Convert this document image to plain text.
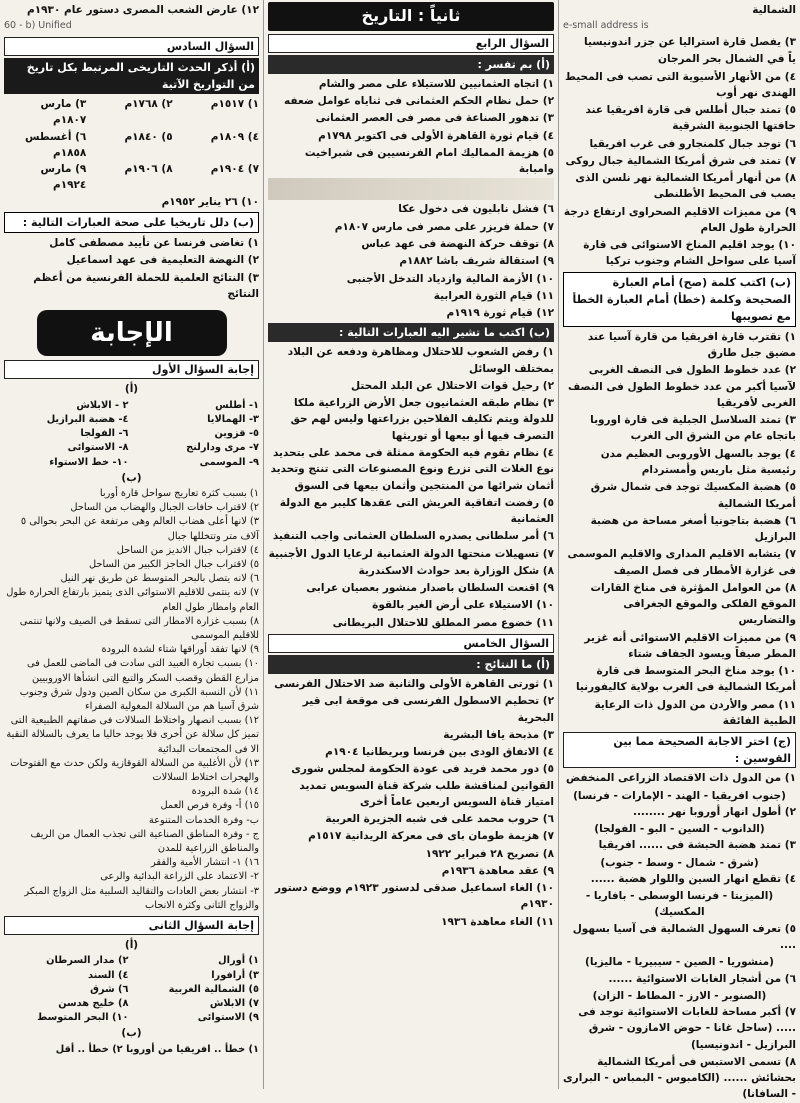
الشمالية
e-small address is
٣) يفصل قارة استراليا عن جزر اندونيسيا
ياً في الشمال بحر المرجان
٤) من الأنهار الأسيوية التى تصب فى المحيط الهندى نهر أوب
٥) تمتد جبال أطلس فى قارة افريقيا عند حافتها الجنوبية الشرقية
٦) توجد جبال كلمنجارو فى غرب افريقيا
٧) تمتد فى شرق أمريكا الشمالية جبال روكى
٨) من أنهار أمريكا الشمالية نهر نلسن الذى يصب فى المحيط الأطلنطى
٩) من مميزات الاقليم الصحراوى ارتفاع درجة الحرارة طول العام
١٠) يوجد اقليم المناخ الاستوائى فى قارة آسيا على سواحل الشام وجنوب تركيا
(ب) اكتب كلمة (صح) أمام العبارة الصحيحة وكلمة (خطأ) أمام العبارة الخطأ مع تصويبها
١) تقترب قارة افريقيا من قارة آسيا عند مضيق جبل طارق
٢) عدد خطوط الطول فى النصف الغربى لآسيا أكبر من عدد خطوط الطول فى النصف الغربى لأفريقيا
٣) تمتد السلاسل الجبلية فى قارة اوروبا باتجاه عام من الشرق الى الغرب
٤) يوجد بالسهل الأوروبى العظيم مدن رئيسية مثل باريس وأمستردام
٥) هضبة المكسيك توجد فى شمال شرق أمريكا الشمالية
٦) هضبة بتاجونيا أصغر مساحة من هضبة البرازيل
٧) يتشابه الاقليم المدارى والاقليم الموسمى فى غزارة الأمطار فى فصل الصيف
٨) من العوامل المؤثرة فى مناخ القارات الموقع الفلكى والموقع الجغرافى والتضاريس
٩) من مميزات الاقليم الاستوائى أنه غزير المطر صيفاً ويسود الجفاف شتاء
١٠) يوجد مناخ البحر المتوسط فى قارة أمريكا الشمالية فى الغرب بولاية كاليفورنيا
١١) مصر والأردن من الدول ذات الرعاية الطبية الفائقة
(ج) اختر الاجابة الصحيحة مما بين القوسين :
١) من الدول ذات الاقتصاد الزراعى المنخفض
(جنوب افريقيا - الهند - الإمارات - فرنسا)
٢) أطول انهار أوروبا نهر ........
(الدانوب - السين - البو - الفولجا)
٣) تمتد هضبة الحبشة فى ...... افريقيا
(شرق - شمال - وسط - جنوب)
٤) تقطع انهار السين واللوار هضبة ......
(الميزيتا - فرنسا الوسطى - بافاريا - المكسيك)
٥) تعرف السهول الشمالية فى آسيا بسهول ....
(منشوريا - الصين - سيبيريا - ماليزيا)
٦) من أشجار الغابات الاستوائية ......
(الصنوبر - الارز - المطاط - الزان)
٧) أكبر مساحة للغابات الاستوائية توجد فى ..... (ساحل غانا - حوض الامازون - شرق البرازيل - اندونيسيا)
٨) تسمى الاستبس فى أمريكا الشمالية بحشائش ...... (الكامبوس - البمباس - البرارى - السافانا)
ثانياً : التاريخ
السؤال الرابع
(أ) بم تفسر :
١) اتجاه العثمانيين للاستيلاء على مصر والشام
٢) حمل نظام الحكم العثمانى فى ثناياه عوامل ضعفه
٣) تدهور الصناعة فى مصر فى العصر العثمانى
٤) قيام ثورة القاهرة الأولى فى اكتوبر ١٧٩٨م
٥) هزيمة المماليك امام الفرنسيين فى شبراخيت وامبابة
٦) فشل نابليون فى دخول عكا
٧) حملة فريزر على مصر فى مارس ١٨٠٧م
٨) توقف حركة النهضة فى عهد عباس
٩) استقالة شريف باشا ١٨٨٢م
١٠) الأزمة المالية وازدياد التدخل الأجنبى
١١) قيام الثورة العرابية
١٢) قيام ثورة ١٩١٩م
(ب) اكتب ما تشير اليه العبارات التالية :
١) رفض الشعوب للاحتلال ومظاهرة ودفعه عن البلاد بمختلف الوسائل
٢) رحيل قوات الاحتلال عن البلد المحتل
٣) نظام طبقه العثمانيون جعل الأرض الزراعية ملكا للدولة ويتم تكليف الفلاحين بزراعتها وليس لهم حق التصرف فيها أو بيعها أو توريثها
٤) نظام تقوم فيه الحكومة ممثلة فى محمد على بتحديد نوع الغلات التى تزرع ونوع المصنوعات التى تنتج وتحديد أثمان شرائها من المنتجين وأثمان بيعها فى السوق
٥) رفضت اتفاقية العريش التى عقدها كليبر مع الدولة العثمانية
٦) أمر سلطانى يصدره السلطان العثمانى واجب التنفيذ
٧) تسهيلات منحتها الدولة العثمانية لرعايا الدول الأجنبية
٨) شكل الوزارة بعد حوادث الاسكندرية
٩) اقنعت السلطان باصدار منشور بعصيان عرابى
١٠) الاستيلاء على أرض الغير بالقوة
١١) خضوع مصر المطلق للاحتلال البريطانى
السؤال الخامس
(أ) ما النتائج :
١) ثورتى القاهرة الأولى والثانية ضد الاحتلال الفرنسى
٢) تحطيم الاسطول الفرنسى فى موقعة ابى قير البحرية
٣) مذبحة يافا البشرية
٤) الاتفاق الودى بين فرنسا وبريطانيا ١٩٠٤م
٥) دور محمد فريد فى عودة الحكومة لمجلس شورى القوانين لمناقشة طلب شركة قناة السويس تمديد امتياز قناة السويس اربعين عاماً أخرى
٦) حروب محمد على فى شبه الجزيرة العربية
٧) هزيمة طومان باى فى معركة الريدانية ١٥١٧م
٨) تصريح ٢٨ فبراير ١٩٢٢
٩) عقد معاهدة ١٩٣٦م
١٠) الغاء اسماعيل صدقى لدستور ١٩٢٣م ووضع دستور ١٩٣٠م
١١) الغاء معاهدة ١٩٣٦
١٢) عارض الشعب المصرى دستور عام ١٩٣٠م
60 - b) Unified
السؤال السادس
(أ) أذكر الحدث التاريخى المرتبط بكل تاريخ من التواريخ الآتية
١) ١٥١٧م
٢) ١٧٦٨م
٣) مارس ١٨٠٧م
٤) ١٨٠٩م
٥) ١٨٤٠م
٦) أغسطس ١٨٥٨م
٧) ١٩٠٤م
٨) ١٩٠٦م
٩) مارس ١٩٢٤م
١٠) ٢٦ يناير ١٩٥٢م
(ب) دلل تاريخيا على صحة العبارات التالية :
١) تغاضى فرنسا عن تأييد مصطفى كامل
٢) النهضة التعليمية فى عهد اسماعيل
٣) النتائج العلمية للحملة الفرنسية من أعظم النتائج
الإجابة
إجابة السؤال الأول
(أ)
١- أطلس
٢ - الابلاش
٣- الهمالايا
٤- هضبة البرازيل
٥- قزوين
٦- الفولجا
٧- مرى ودارلنج
٨- الاستوائى
٩- الموسمى
١٠- خط الاستواء
(ب)
١) بسبب كثرة تعاريج سواحل قارة أوربا
٢) لاقتراب حافات الجبال والهضاب من الساحل
٣) لانها أعلى هضاب العالم وهى مرتفعة عن البحر بحوالى ٥ آلاف متر وتتخللها جبال
٤) لاقتراب جبال الانديز من الساحل
٥) لاقتراب جبال الحاجز الكبير من الساحل
٦) لانه يتصل بالبحر المتوسط عن طريق نهر النيل
٧) لانه ينتمى للاقليم الاستوائى الذى يتميز بارتفاع الحرارة طول العام وامطار طول العام
٨) بسبب غزارة الامطار التى تسقط فى الصيف ولانها تنتمى للاقليم الموسمى
٩) لانها تفقد أوراقها شتاء لشدة البرودة
١٠) بسبب تجارة العبيد التى سادت فى الماضى للعمل فى مزارع القطن وقصب السكر والتبغ التى انشأها الاوروبيين
١١) لأن النسبة الكبرى من سكان الصين ودول شرق وجنوب شرق آسيا هم من السلالة المغولية الصفراء
١٢) بسبب انصهار واختلاط السلالات فى صفاتهم الطبيعية التى تميز كل سلالة عن أخرى فلا يوجد حاليا ما يعرف بالسلالة النقية الا فى المجتمعات البدائية
١٣) لأن الأغلبية من السلالة القوقازية ولكن حدث مع الفتوحات والهجرات اختلاط السلالات
١٤) شدة البرودة
١٥) أ- وفرة فرص العمل
ب- وفرة الخدمات المتنوعة
ج - وفرة المناطق الصناعية التى تجذب العمال من الريف والمناطق الزراعية للمدن
١٦) ١- انتشار الأمية والفقر
٢- الاعتماد على الزراعة البدائية والرعى
٣- انتشار بعض العادات والتقاليد السلبية مثل الزواج المبكر والزواج الثانى وكثرة الانجاب
إجابة السؤال الثانى
(أ)
١) أورال
٢) مدار السرطان
٣) أرافورا
٤) السند
٥) الشمالية الغربية
٦) شرق
٧) الابلاش
٨) خليج هدسن
٩) الاستوائى
١٠) البحر المتوسط
(ب)
١) خطأ .. افريقيا من أوروبا ٢) خطأ .. أقل
